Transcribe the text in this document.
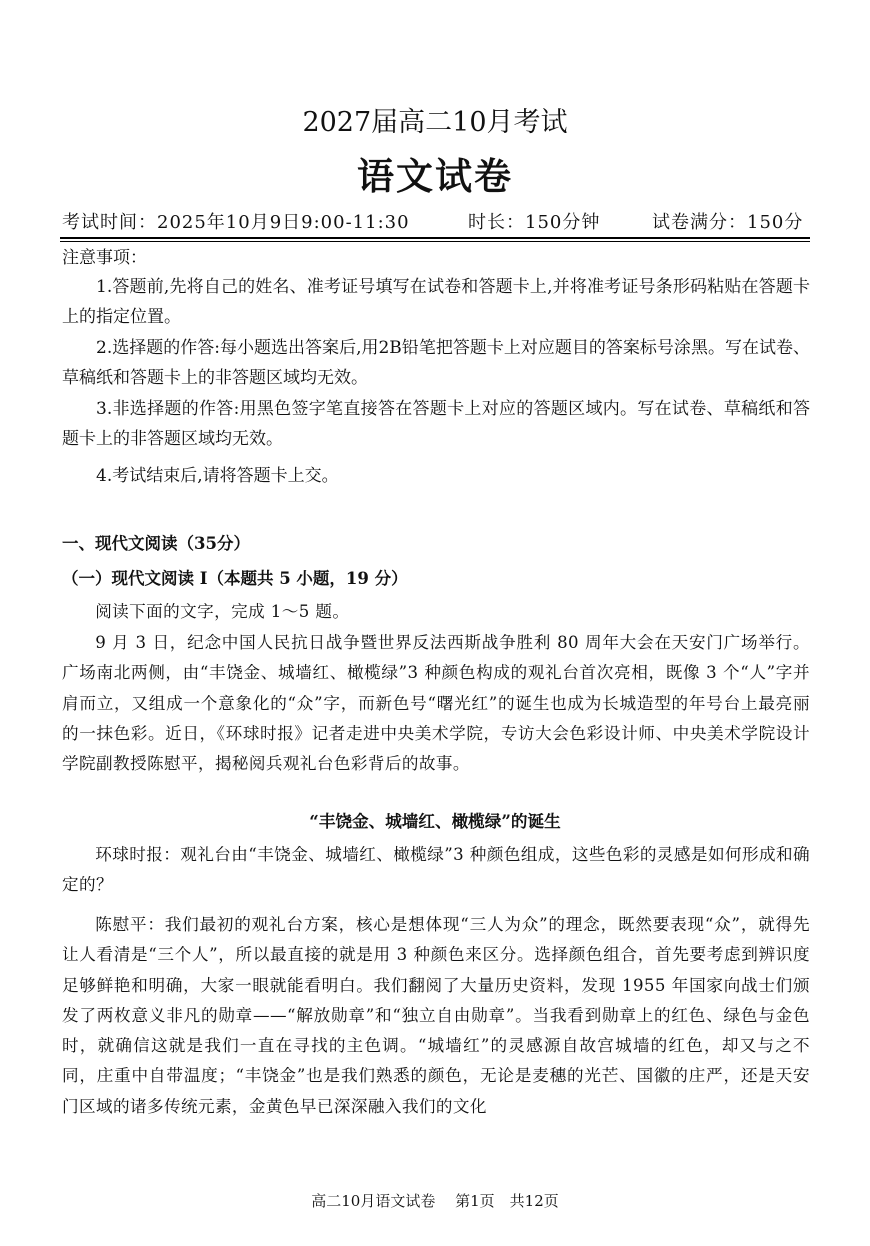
2027届高二10月考试
语文试卷
考试时间：2025年10月9日9:00-11:30	时长：150分钟	试卷满分：150分
注意事项：
1.答题前,先将自己的姓名、准考证号填写在试卷和答题卡上,并将准考证号条形码粘贴在答题卡上的指定位置。
2.选择题的作答:每小题选出答案后,用2B铅笔把答题卡上对应题目的答案标号涂黑。写在试卷、草稿纸和答题卡上的非答题区域均无效。
3.非选择题的作答:用黑色签字笔直接答在答题卡上对应的答题区域内。写在试卷、草稿纸和答题卡上的非答题区域均无效。
4.考试结束后,请将答题卡上交。
一、现代文阅读（35分）
（一）现代文阅读 I（本题共 5 小题，19 分）
阅读下面的文字，完成 1～5 题。
9 月 3 日，纪念中国人民抗日战争暨世界反法西斯战争胜利 80 周年大会在天安门广场举行。广场南北两侧，由“丰饶金、城墙红、橄榄绿”3 种颜色构成的观礼台首次亮相，既像 3 个“人”字并肩而立，又组成一个意象化的“众”字，而新色号“曙光红”的诞生也成为长城造型的年号台上最亮丽的一抹色彩。近日，《环球时报》记者走进中央美术学院，专访大会色彩设计师、中央美术学院设计学院副教授陈慰平，揭秘阅兵观礼台色彩背后的故事。
“丰饶金、城墙红、橄榄绿”的诞生
环球时报：观礼台由“丰饶金、城墙红、橄榄绿”3 种颜色组成，这些色彩的灵感是如何形成和确定的？
陈慰平：我们最初的观礼台方案，核心是想体现“三人为众”的理念，既然要表现“众”，就得先让人看清是“三个人”，所以最直接的就是用 3 种颜色来区分。选择颜色组合，首先要考虑到辨识度足够鲜艳和明确，大家一眼就能看明白。我们翻阅了大量历史资料，发现 1955 年国家向战士们颁发了两枚意义非凡的勋章——“解放勋章”和“独立自由勋章”。当我看到勋章上的红色、绿色与金色时，就确信这就是我们一直在寻找的主色调。“城墙红”的灵感源自故宫城墙的红色，却又与之不同，庄重中自带温度；“丰饶金”也是我们熟悉的颜色，无论是麦穗的光芒、国徽的庄严，还是天安门区域的诸多传统元素，金黄色早已深深融入我们的文化
高二10月语文试卷　 第1页　共12页
